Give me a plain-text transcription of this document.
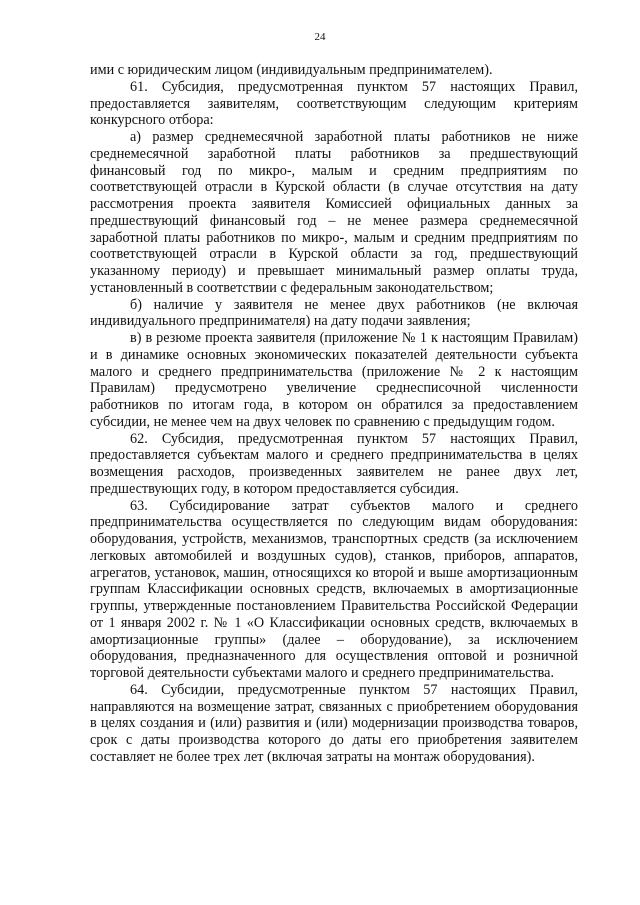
24

ими с юридическим лицом (индивидуальным предпринимателем).

61. Субсидия, предусмотренная пунктом 57 настоящих Правил, предоставляется заявителям, соответствующим следующим критериям конкурсного отбора:

а) размер среднемесячной заработной платы работников не ниже среднемесячной заработной платы работников за предшествующий финансовый год по микро-, малым и средним предприятиям по соответствующей отрасли в Курской области (в случае отсутствия на дату рассмотрения проекта заявителя Комиссией официальных данных за предшествующий финансовый год – не менее размера среднемесячной заработной платы работников по микро-, малым и средним предприятиям по соответствующей отрасли в Курской области за год, предшествующий указанному периоду) и превышает минимальный размер оплаты труда, установленный в соответствии с федеральным законодательством;

б) наличие у заявителя не менее двух работников (не включая индивидуального предпринимателя) на дату подачи заявления;

в) в резюме проекта заявителя (приложение № 1 к настоящим Правилам) и в динамике основных экономических показателей деятельности субъекта малого и среднего предпринимательства (приложение № 2 к настоящим Правилам) предусмотрено увеличение среднесписочной численности работников по итогам года, в котором он обратился за предоставлением субсидии, не менее чем на двух человек по сравнению с предыдущим годом.

62. Субсидия, предусмотренная пунктом 57 настоящих Правил, предоставляется субъектам малого и среднего предпринимательства в целях возмещения расходов, произведенных заявителем не ранее двух лет, предшествующих году, в котором предоставляется субсидия.

63. Субсидирование затрат субъектов малого и среднего предпринимательства осуществляется по следующим видам оборудования: оборудования, устройств, механизмов, транспортных средств (за исключением легковых автомобилей и воздушных судов), станков, приборов, аппаратов, агрегатов, установок, машин, относящихся ко второй и выше амортизационным группам Классификации основных средств, включаемых в амортизационные группы, утвержденные постановлением Правительства Российской Федерации от 1 января 2002 г. № 1 «О Классификации основных средств, включаемых в амортизационные группы» (далее – оборудование), за исключением оборудования, предназначенного для осуществления оптовой и розничной торговой деятельности субъектами малого и среднего предпринимательства.

64. Субсидии, предусмотренные пунктом 57 настоящих Правил, направляются на возмещение затрат, связанных с приобретением оборудования в целях создания и (или) развития и (или) модернизации производства товаров, срок с даты производства которого до даты его приобретения заявителем составляет не более трех лет (включая затраты на монтаж оборудования).
